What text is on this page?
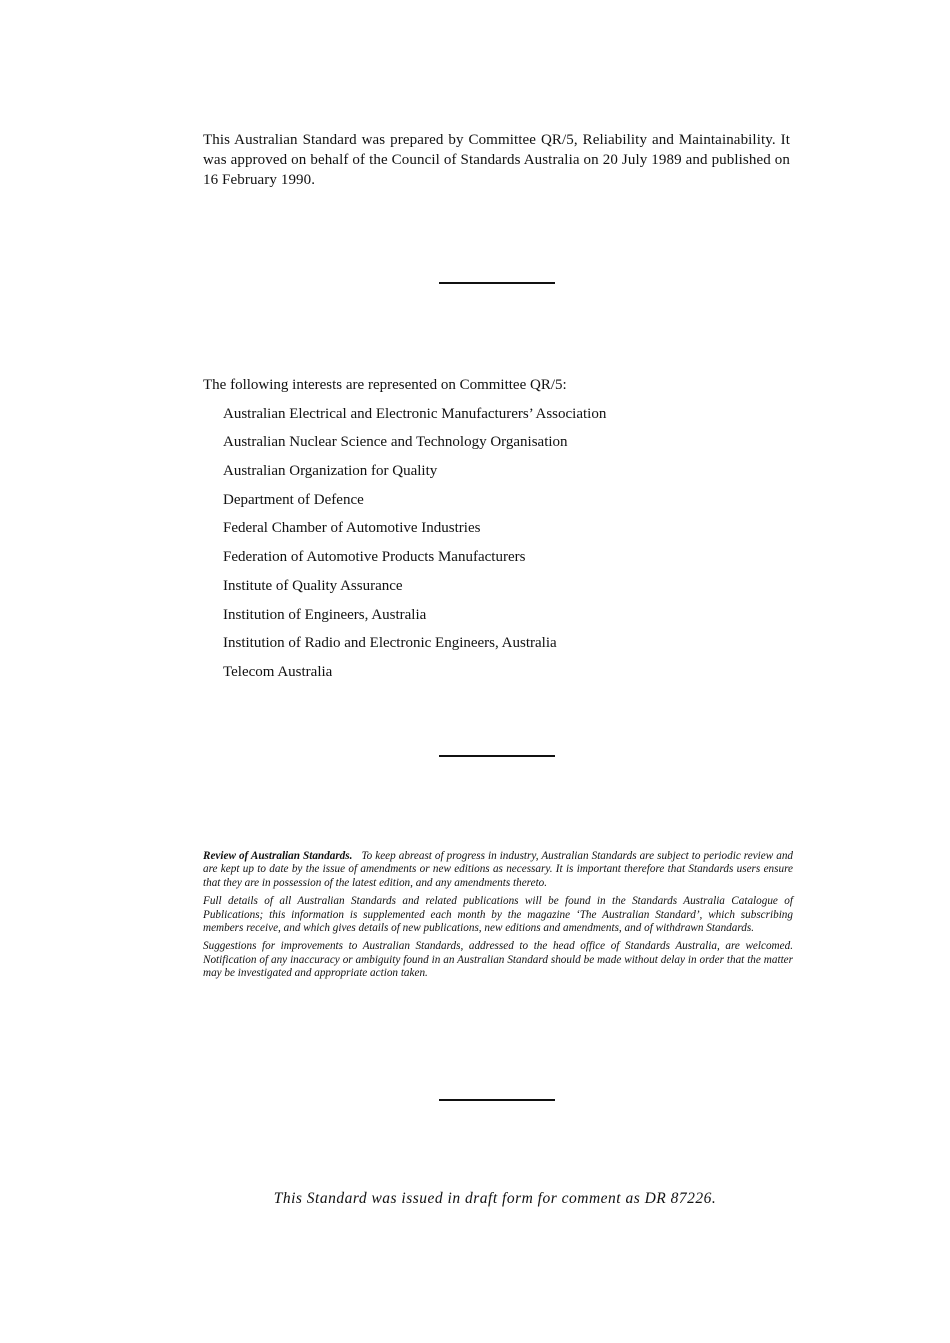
This Australian Standard was prepared by Committee QR/5, Reliability and Maintainability. It was approved on behalf of the Council of Standards Australia on 20 July 1989 and published on 16 February 1990.

The following interests are represented on Committee QR/5:

Australian Electrical and Electronic Manufacturers’ Association
Australian Nuclear Science and Technology Organisation
Australian Organization for Quality
Department of Defence
Federal Chamber of Automotive Industries
Federation of Automotive Products Manufacturers
Institute of Quality Assurance
Institution of Engineers, Australia
Institution of Radio and Electronic Engineers, Australia
Telecom Australia

Review of Australian Standards. To keep abreast of progress in industry, Australian Standards are subject to periodic review and are kept up to date by the issue of amendments or new editions as necessary. It is important therefore that Standards users ensure that they are in possession of the latest edition, and any amendments thereto.

Full details of all Australian Standards and related publications will be found in the Standards Australia Catalogue of Publications; this information is supplemented each month by the magazine ‘The Australian Standard’, which subscribing members receive, and which gives details of new publications, new editions and amendments, and of withdrawn Standards.

Suggestions for improvements to Australian Standards, addressed to the head office of Standards Australia, are welcomed. Notification of any inaccuracy or ambiguity found in an Australian Standard should be made without delay in order that the matter may be investigated and appropriate action taken.

This Standard was issued in draft form for comment as DR 87226.
